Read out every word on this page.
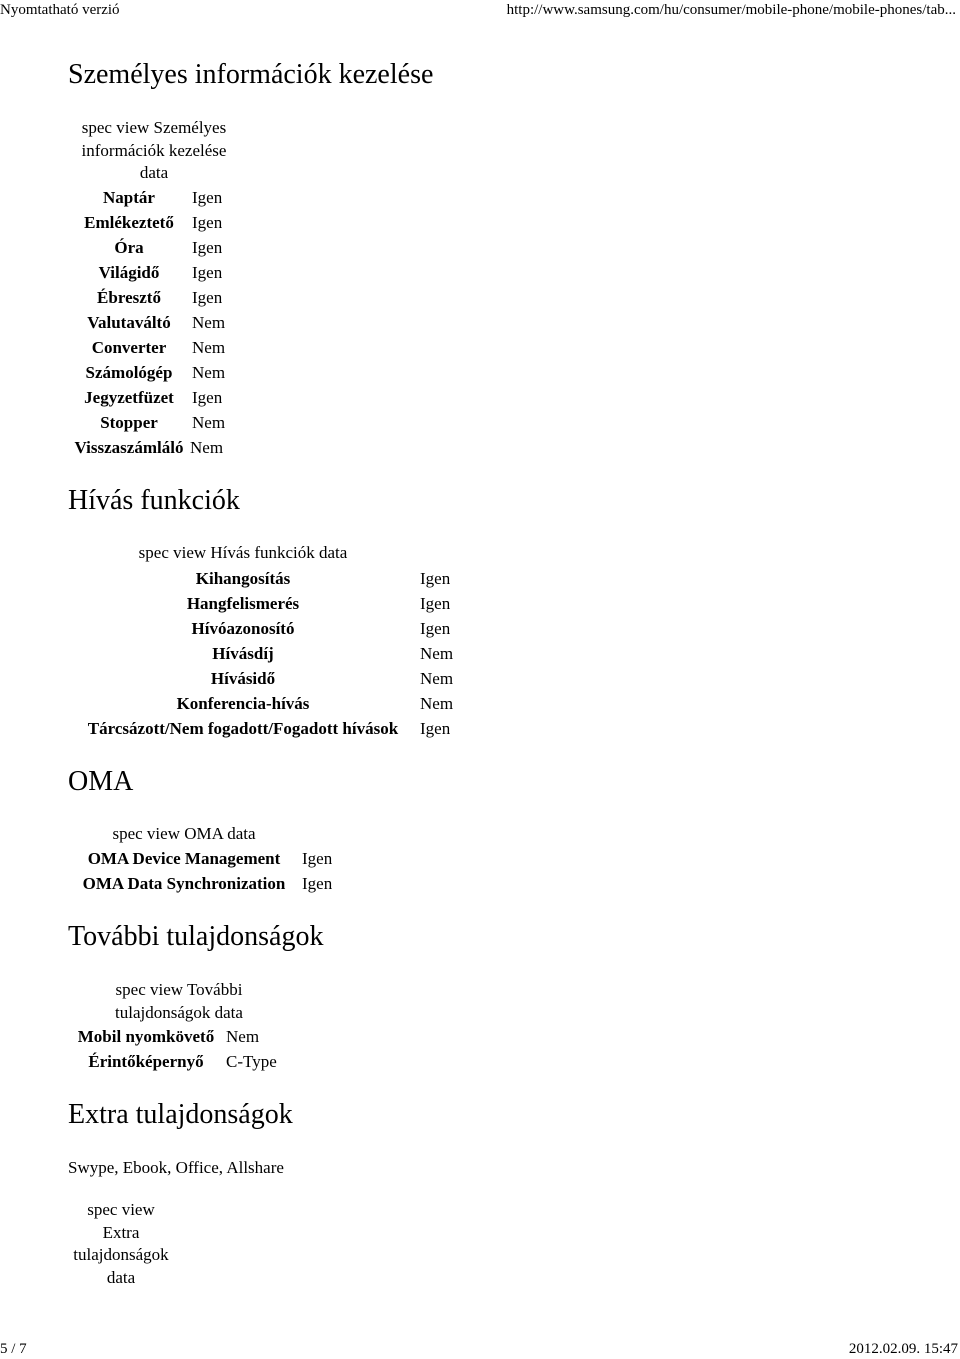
Nyomtatható verzió	http://www.samsung.com/hu/consumer/mobile-phone/mobile-phones/tab...
Személyes információk kezelése
spec view Személyes
információk kezelése
data
Naptár	Igen
Emlékeztető	Igen
Óra	Igen
Világidő	Igen
Ébresztő	Igen
Valutaváltó	Nem
Converter	Nem
Számológép	Nem
Jegyzetfüzet	Igen
Stopper	Nem
Visszaszámláló Nem
Hívás funkciók
spec view Hívás funkciók data
Kihangosítás	Igen
Hangfelismerés	Igen
Hívóazonosító	Igen
Hívásdíj	Nem
Hívásidő	Nem
Konferencia-hívás	Nem
Tárcsázott/Nem fogadott/Fogadott hívások	Igen
OMA
spec view OMA data
OMA Device Management	Igen
OMA Data Synchronization Igen
További tulajdonságok
spec view További
tulajdonságok data
Mobil nyomkövető Nem
Érintőképernyő	C-Type
Extra tulajdonságok
Swype, Ebook, Office, Allshare
spec view
Extra
tulajdonságok
data
5 / 7	2012.02.09. 15:47
